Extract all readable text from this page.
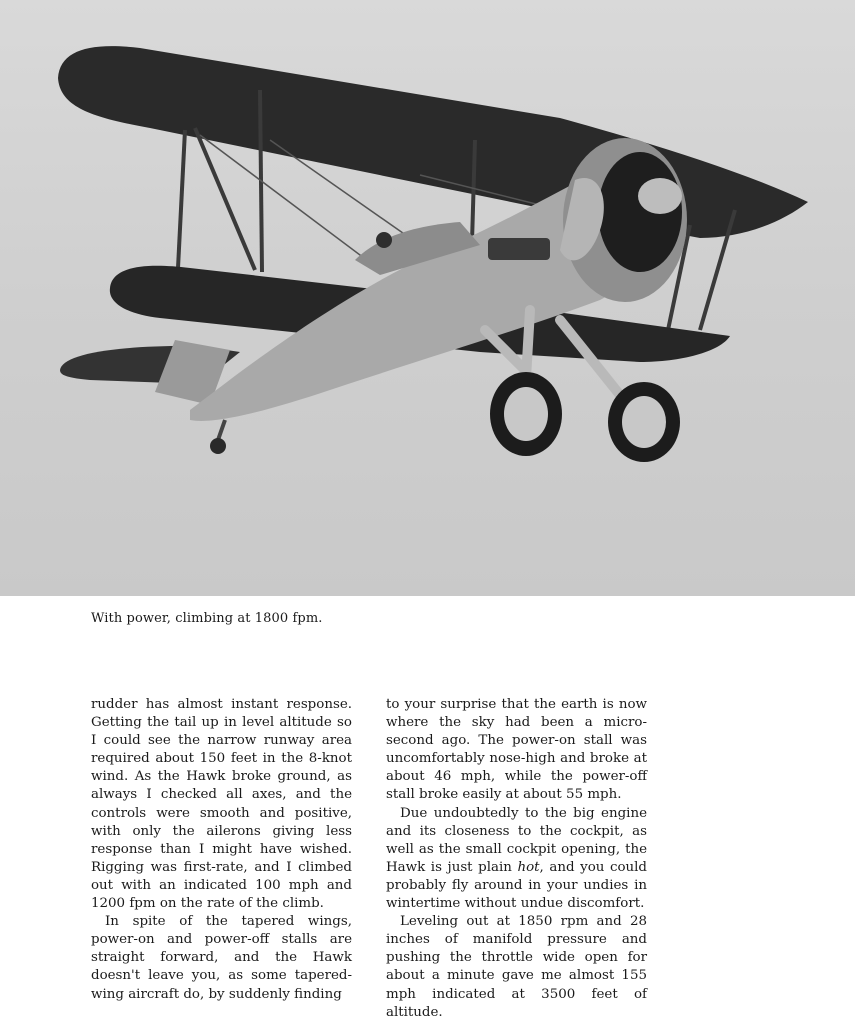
With power, climbing at 1800 fpm.

rudder has almost instant response. Getting the tail up in level altitude so I could see the narrow runway area required about 150 feet in the 8-knot wind. As the Hawk broke ground, as always I checked all axes, and the controls were smooth and positive, with only the ailerons giving less response than I might have wished. Rigging was first-rate, and I climbed out with an indicated 100 mph and 1200 fpm on the rate of the climb.

In spite of the tapered wings, power-on and power-off stalls are straight forward, and the Hawk doesn't leave you, as some tapered-wing aircraft do, by suddenly finding

to your surprise that the earth is now where the sky had been a micro-second ago. The power-on stall was uncomfortably nose-high and broke at about 46 mph, while the power-off stall broke easily at about 55 mph.

Due undoubtedly to the big engine and its closeness to the cockpit, as well as the small cockpit opening, the Hawk is just plain hot, and you could probably fly around in your undies in wintertime without undue discomfort.

Leveling out at 1850 rpm and 28 inches of manifold pressure and pushing the throttle wide open for about a minute gave me almost 155 mph indicated at 3500 feet of altitude.
